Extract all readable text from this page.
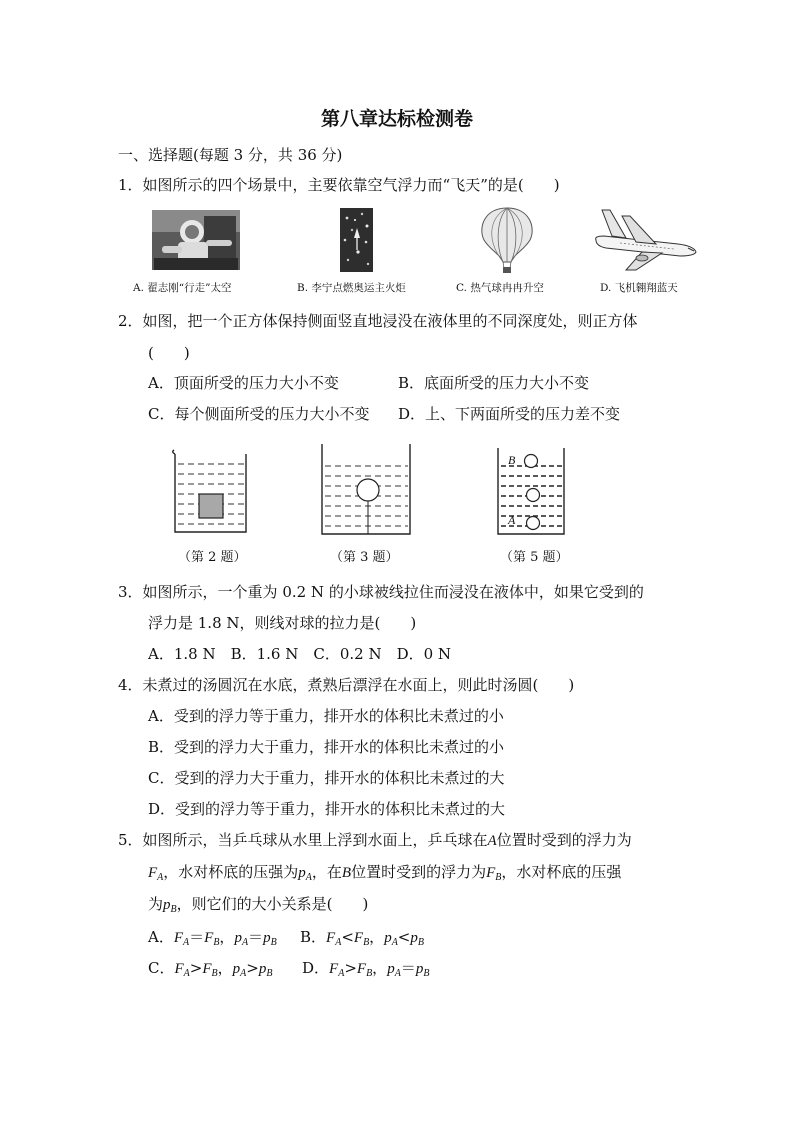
第八章达标检测卷
一、选择题(每题 3 分，共 36 分)
1．如图所示的四个场景中，主要依靠空气浮力而“飞天”的是(　　)
A. 翟志刚“行走”太空	B. 李宁点燃奥运主火炬	C. 热气球冉冉升空	D. 飞机翱翔蓝天
2．如图，把一个正方体保持侧面竖直地浸没在液体里的不同深度处，则正方体
(　　)
A．顶面所受的压力大小不变	B．底面所受的压力大小不变
C．每个侧面所受的压力大小不变 D．上、下两面所受的压力差不变
（第 2 题）	（第 3 题）
B
A
（第 5 题）
3．如图所示，一个重为 0.2 N 的小球被线拉住而浸没在液体中，如果它受到的
浮力是 1.8 N，则线对球的拉力是(　　)
A．1.8 N　B．1.6 N　C．0.2 N　D．0 N
4．未煮过的汤圆沉在水底，煮熟后漂浮在水面上，则此时汤圆(　　)
A．受到的浮力等于重力，排开水的体积比未煮过的小
B．受到的浮力大于重力，排开水的体积比未煮过的小
C．受到的浮力大于重力，排开水的体积比未煮过的大
D．受到的浮力等于重力，排开水的体积比未煮过的大
5．如图所示，当乒乓球从水里上浮到水面上，乒乓球在A位置时受到的浮力为
$F_A$，水对杯底的压强为$p_A$，在B位置时受到的浮力为$F_B$，水对杯底的压强
为$p_B$，则它们的大小关系是(　　)
A．$F_A=F_B$，$p_A=p_B$ B．$F_A<F_B$，$p_A<p_B$
C．$F_A>F_B$，$p_A>p_B$ D．$F_A>F_B$，$p_A=p_B$
